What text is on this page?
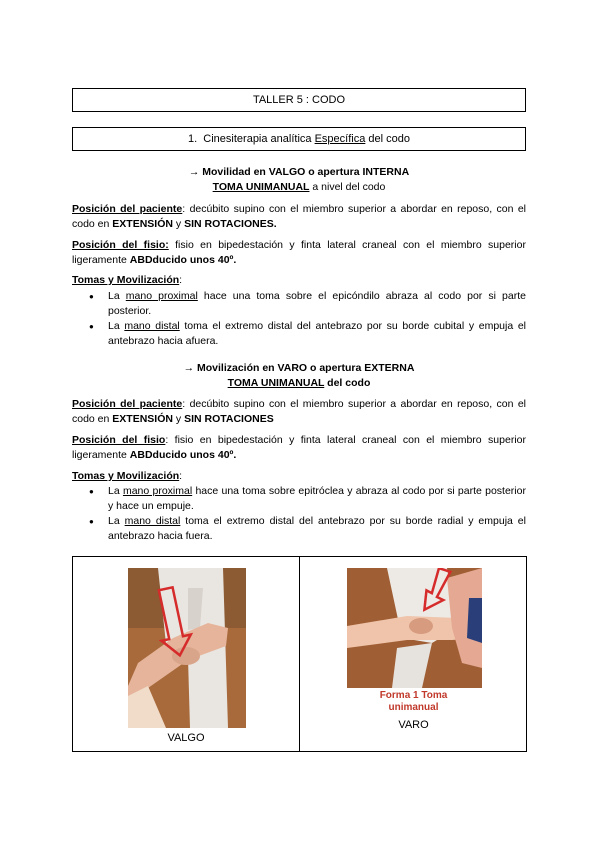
TALLER 5 : CODO
1. Cinesiterapia analítica Específica del codo
→ Movilidad en VALGO o apertura INTERNA
TOMA UNIMANUAL a nivel del codo
Posición del paciente: decúbito supino con el miembro superior a abordar en reposo, con el codo en EXTENSIÓN y SIN ROTACIONES.
Posición del fisio: fisio en bipedestación y finta lateral craneal con el miembro superior ligeramente ABDducido unos 40º.
Tomas y Movilización:
● La mano proximal hace una toma sobre el epicóndilo abraza al codo por si parte posterior.
● La mano distal toma el extremo distal del antebrazo por su borde cubital y empuja el antebrazo hacia afuera.
→ Movilización en VARO o apertura EXTERNA
TOMA UNIMANUAL del codo
Posición del paciente: decúbito supino con el miembro superior a abordar en reposo, con el codo en EXTENSIÓN y SIN ROTACIONES
Posición del fisio: fisio en bipedestación y finta lateral craneal con el miembro superior ligeramente ABDducido unos 40º.
Tomas y Movilización:
● La mano proximal hace una toma sobre epitróclea y abraza al codo por si parte posterior y hace un empuje.
● La mano distal toma el extremo distal del antebrazo por su borde radial y empuja el antebrazo hacia fuera.
VALGO
Forma 1 Toma
unimanual
VARO
